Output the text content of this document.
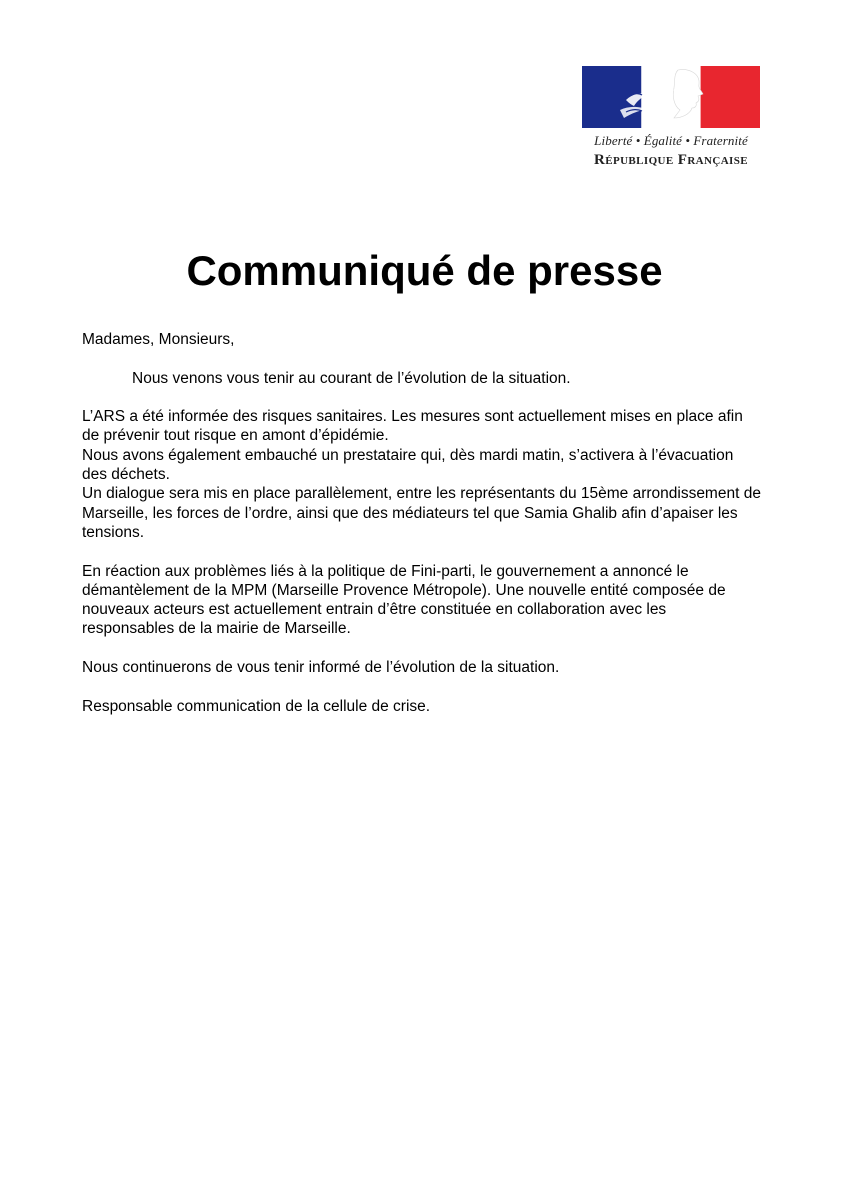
Liberté • Égalité • Fraternité
République Française
Communiqué de presse

Madames, Monsieurs,

Nous venons vous tenir au courant de l’évolution de la situation.

L’ARS a été informée des risques sanitaires. Les mesures sont actuellement mises en place afin

de prévenir tout risque en amont d’épidémie.

Nous avons également embauché un prestataire qui, dès mardi matin, s’activera à l’évacuation

des déchets.

Un dialogue sera mis en place parallèlement, entre les représentants du 15ème arrondissement de

Marseille, les forces de l’ordre, ainsi que des médiateurs tel que Samia Ghalib afin d’apaiser les

tensions.

En réaction aux problèmes liés à la politique de Fini-parti, le gouvernement a annoncé le

démantèlement de la MPM (Marseille Provence Métropole). Une nouvelle entité composée de

nouveaux acteurs est actuellement entrain d’être constituée en collaboration avec les

responsables de la mairie de Marseille.

Nous continuerons de vous tenir informé de l’évolution de la situation.

Responsable communication de la cellule de crise.
